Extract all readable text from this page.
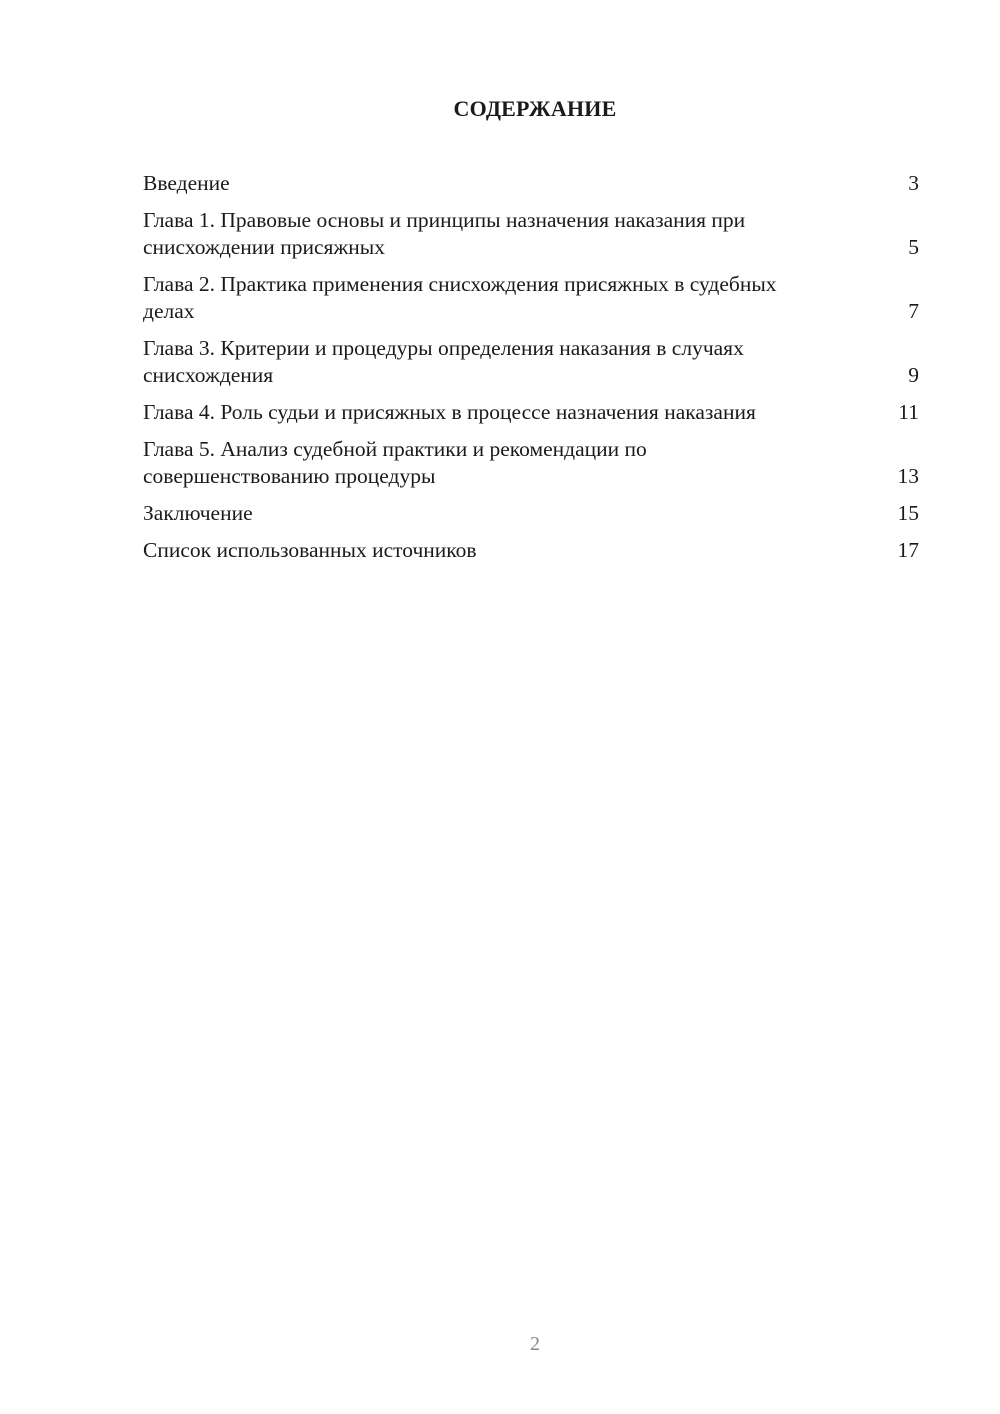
СОДЕРЖАНИЕ
Введение	3
Глава 1. Правовые основы и принципы назначения наказания при снисхождении присяжных	5
Глава 2. Практика применения снисхождения присяжных в судебных делах	7
Глава 3. Критерии и процедуры определения наказания в случаях снисхождения	9
Глава 4. Роль судьи и присяжных в процессе назначения наказания	11
Глава 5. Анализ судебной практики и рекомендации по совершенствованию процедуры	13
Заключение	15
Список использованных источников	17
2
